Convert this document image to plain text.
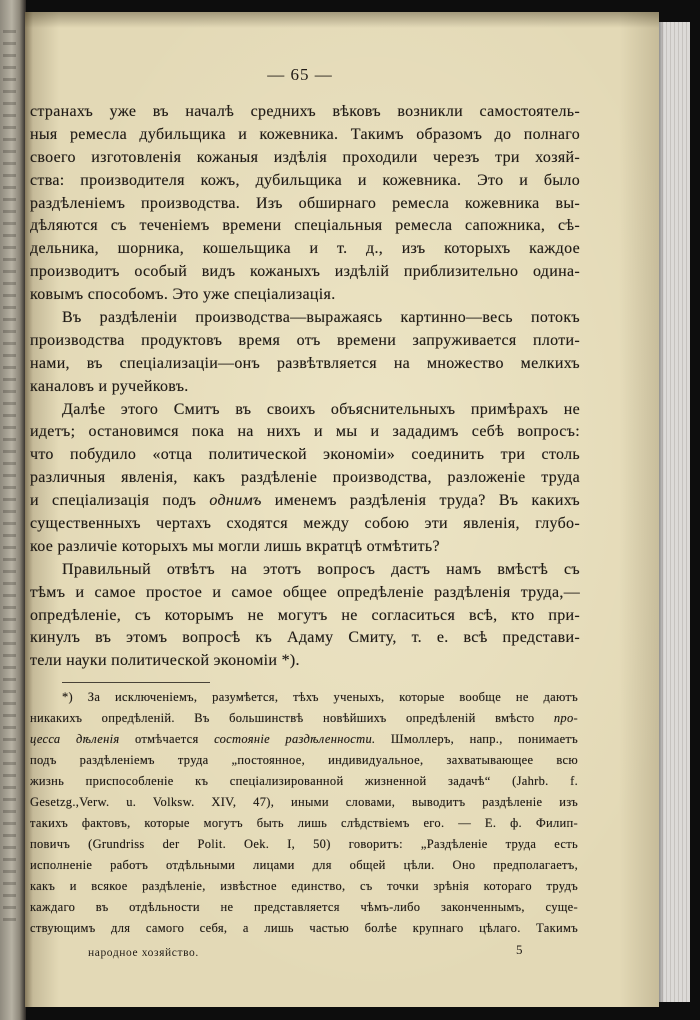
— 65 —
странахъ уже въ началѣ среднихъ вѣковъ возникли самостоятель-
ныя ремесла дубильщика и кожевника. Такимъ образомъ до полнаго
своего изготовленія кожаныя издѣлія проходили черезъ три хозяй-
ства: производителя кожъ, дубильщика и кожевника. Это и было
раздѣленіемъ производства. Изъ обширнаго ремесла кожевника вы-
дѣляются съ теченіемъ времени спеціальныя ремесла сапожника, сѣ-
дельника, шорника, кошельщика и т. д., изъ которыхъ каждое
производитъ особый видъ кожаныхъ издѣлій приблизительно одина-
ковымъ способомъ. Это уже спеціализація.
Въ раздѣленіи производства—выражаясь картинно—весь потокъ
производства продуктовъ время отъ времени запруживается плоти-
нами, въ спеціализаціи—онъ развѣтвляется на множество мелкихъ
каналовъ и ручейковъ.
Далѣе этого Смитъ въ своихъ объяснительныхъ примѣрахъ не
идетъ; остановимся пока на нихъ и мы и зададимъ себѣ вопросъ:
что побудило «отца политической экономіи» соединить три столь
различныя явленія, какъ раздѣленіе производства, разложеніе труда
и спеціализація подъ однимъ именемъ раздѣленія труда? Въ какихъ
существенныхъ чертахъ сходятся между собою эти явленія, глубо-
кое различіе которыхъ мы могли лишь вкратцѣ отмѣтить?
Правильный отвѣтъ на этотъ вопросъ дастъ намъ вмѣстѣ съ
тѣмъ и самое простое и самое общее опредѣленіе раздѣленія труда,—
опредѣленіе, съ которымъ не могутъ не согласиться всѣ, кто при-
кинулъ въ этомъ вопросѣ къ Адаму Смиту, т. е. всѣ представи-
тели науки политической экономіи *).
*) За исключеніемъ, разумѣется, тѣхъ ученыхъ, которые вообще не даютъ
никакихъ опредѣленій. Въ большинствѣ новѣйшихъ опредѣленій вмѣсто про-
цесса дѣленія отмѣчается состояніе раздѣленности. Шмоллеръ, напр., понимаетъ
подъ раздѣленіемъ труда „постоянное, индивидуальное, захватывающее всю
жизнь приспособленіе къ спеціализированной жизненной задачѣ“ (Jahrb. f.
Gesetzg.,Verw. u. Volksw. XIV, 47), иными словами, выводитъ раздѣленіе изъ
такихъ фактовъ, которые могутъ быть лишь слѣдствіемъ его. — Е. ф. Филип-
повичъ (Grundriss der Polit. Oek. I, 50) говоритъ: „Раздѣленіе труда есть
исполненіе работъ отдѣльными лицами для общей цѣли. Оно предполагаетъ,
какъ и всякое раздѣленіе, извѣстное единство, съ точки зрѣнія котораго трудъ
каждаго въ отдѣльности не представляется чѣмъ-либо законченнымъ, суще-
ствующимъ для самого себя, а лишь частью болѣе крупнаго цѣлаго. Такимъ
народное хозяйство.	5
